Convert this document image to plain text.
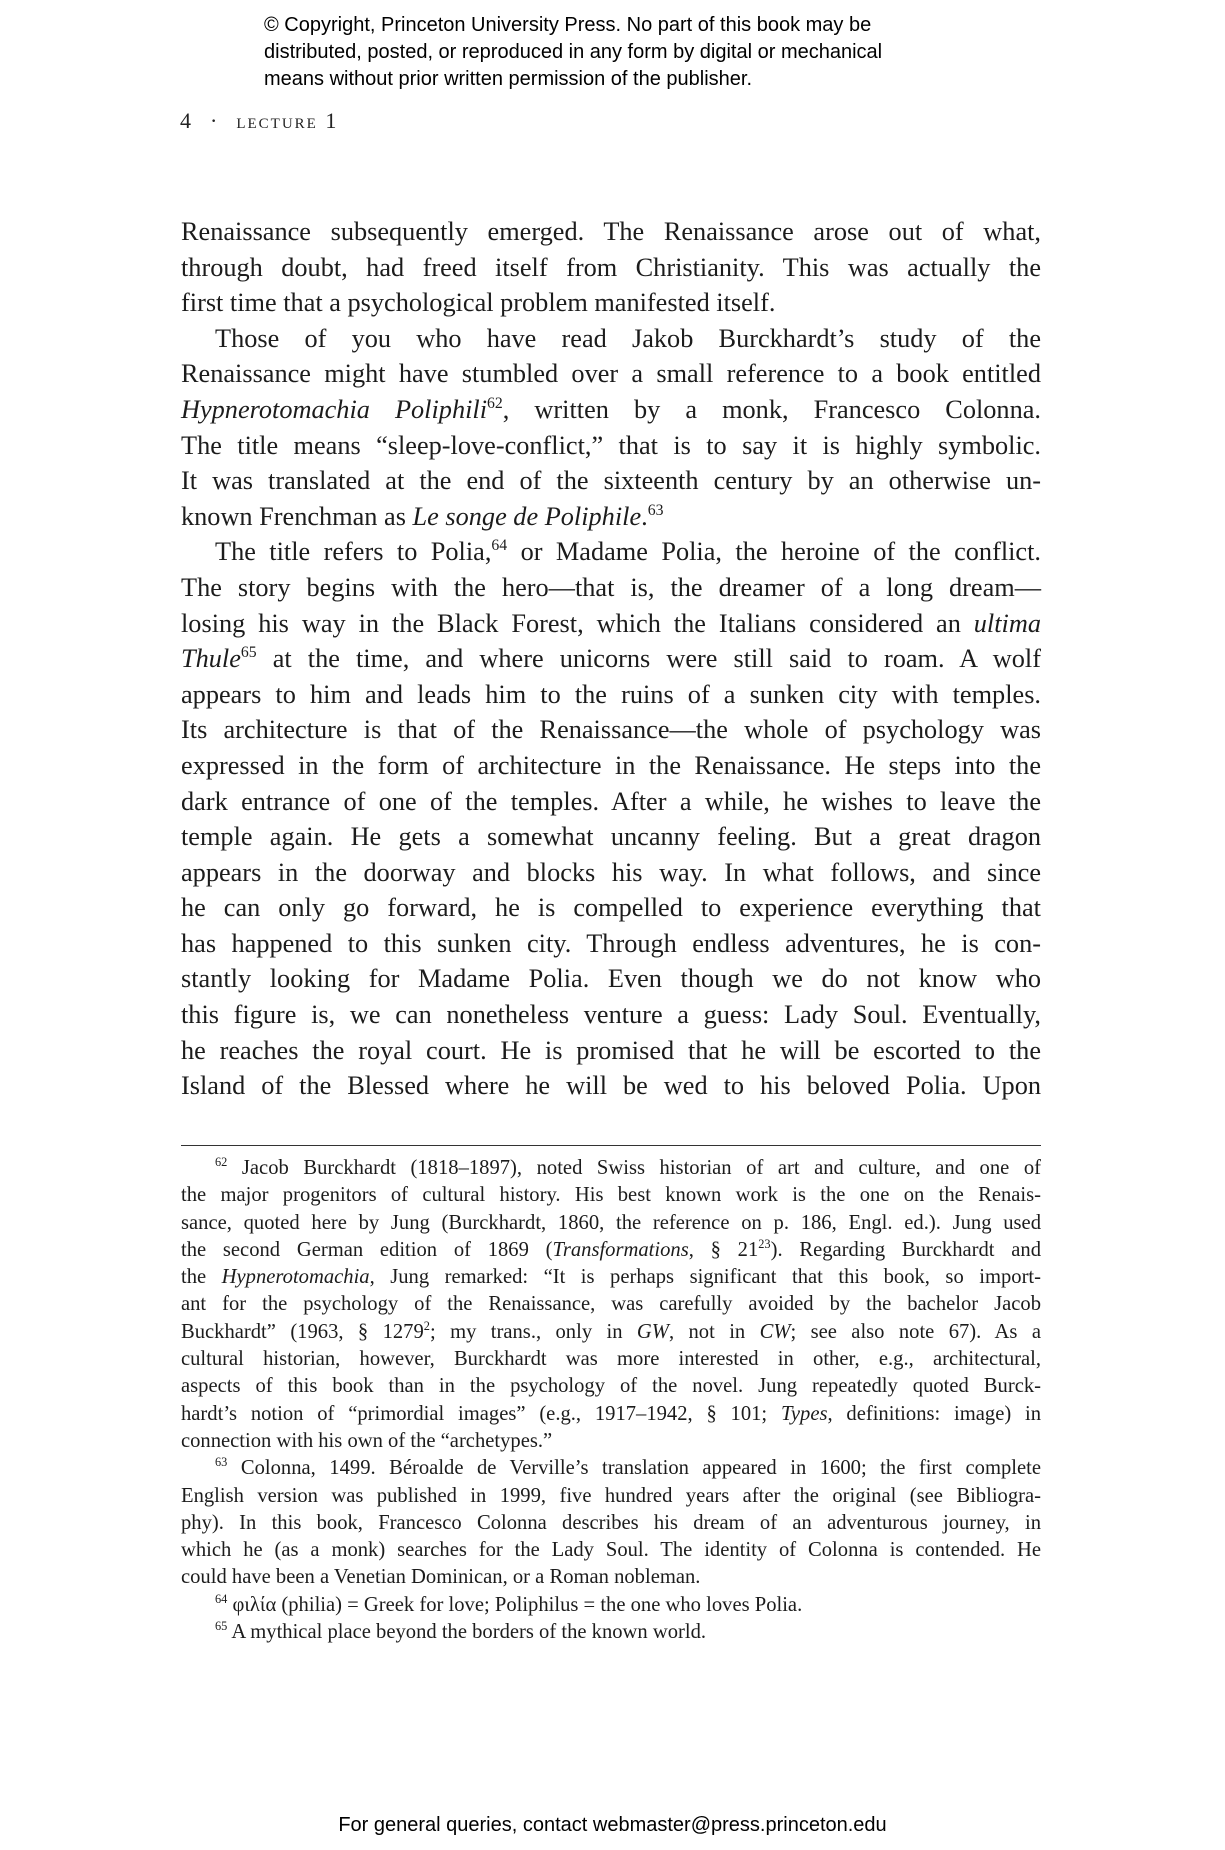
© Copyright, Princeton University Press. No part of this book may be
distributed, posted, or reproduced in any form by digital or mechanical
means without prior written permission of the publisher.
4 · lecture 1
Renaissance subsequently emerged. The Renaissance arose out of what,
through doubt, had freed itself from Christianity. This was actually the
first time that a psychological problem manifested itself.
Those of you who have read Jakob Burckhardt’s study of the
Renaissance might have stumbled over a small reference to a book entitled
Hypnerotomachia Poliphili$^{62}$, written by a monk, Francesco Colonna.
The title means “sleep-love-conflict,” that is to say it is highly symbolic.
It was translated at the end of the sixteenth century by an otherwise un-
known Frenchman as Le songe de Poliphile.$^{63}$
The title refers to Polia,$^{64}$ or Madame Polia, the heroine of the conflict.
The story begins with the hero—that is, the dreamer of a long dream—
losing his way in the Black Forest, which the Italians considered an ultima
Thule$^{65}$ at the time, and where unicorns were still said to roam. A wolf
appears to him and leads him to the ruins of a sunken city with temples.
Its architecture is that of the Renaissance—the whole of psychology was
expressed in the form of architecture in the Renaissance. He steps into the
dark entrance of one of the temples. After a while, he wishes to leave the
temple again. He gets a somewhat uncanny feeling. But a great dragon
appears in the doorway and blocks his way. In what follows, and since
he can only go forward, he is compelled to experience everything that
has happened to this sunken city. Through endless adventures, he is con-
stantly looking for Madame Polia. Even though we do not know who
this figure is, we can nonetheless venture a guess: Lady Soul. Eventually,
he reaches the royal court. He is promised that he will be escorted to the
Island of the Blessed where he will be wed to his beloved Polia. Upon
$^{62}$ Jacob Burckhardt (1818–1897), noted Swiss historian of art and culture, and one of
the major progenitors of cultural history. His best known work is the one on the Renais-
sance, quoted here by Jung (Burckhardt, 1860, the reference on p. 186, Engl. ed.). Jung used
the second German edition of 1869 (Transformations, § $21^{23}$). Regarding Burckhardt and
the Hypnerotomachia, Jung remarked: “It is perhaps significant that this book, so import-
ant for the psychology of the Renaissance, was carefully avoided by the bachelor Jacob
Buckhardt” (1963, § 1279$^2$; my trans., only in GW, not in CW; see also note 67). As a
cultural historian, however, Burckhardt was more interested in other, e.g., architectural,
aspects of this book than in the psychology of the novel. Jung repeatedly quoted Burck-
hardt’s notion of “primordial images” (e.g., 1917–1942, § 101; Types, definitions: image) in
connection with his own of the “archetypes.”
$^{63}$ Colonna, 1499. Béroalde de Verville’s translation appeared in 1600; the first complete
English version was published in 1999, five hundred years after the original (see Bibliogra-
phy). In this book, Francesco Colonna describes his dream of an adventurous journey, in
which he (as a monk) searches for the Lady Soul. The identity of Colonna is contended. He
could have been a Venetian Dominican, or a Roman nobleman.
$^{64}$ φιλία (philia) = Greek for love; Poliphilus = the one who loves Polia.
$^{65}$ A mythical place beyond the borders of the known world.
For general queries, contact webmaster@press.princeton.edu
